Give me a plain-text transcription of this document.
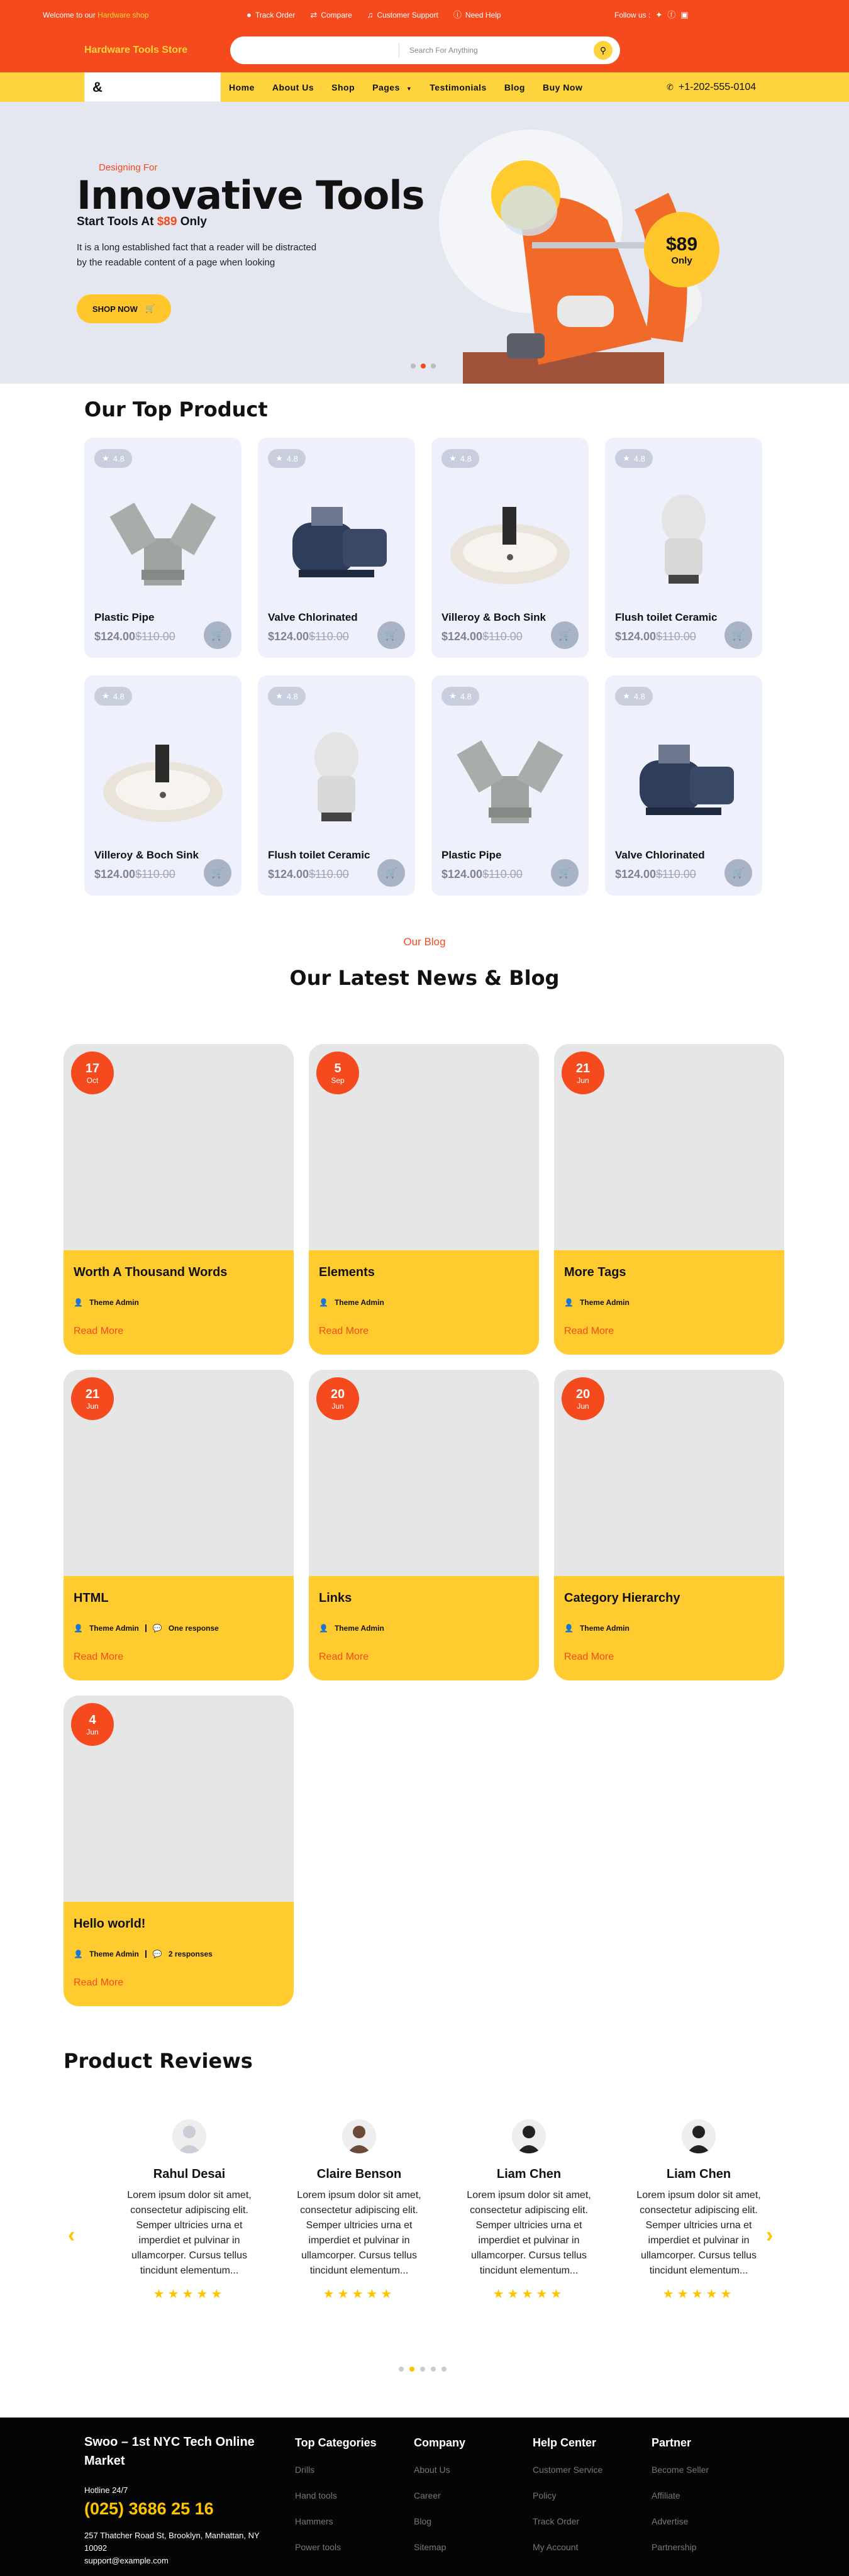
Welcome to our Hardware shop	● Track Order ⇄ Compare ♫ Customer Support ⓘ Need Help	Follow us : ✦ ⓕ ▣
Hardware Tools Store	Search For Anything	⚲
&	Home About Us Shop Pages ▼ Testimonials Blog Buy Now	✆ +1-202-555-0104
Designing For
Innovative Tools
Start Tools At $89 Only

It is a long established fact that a reader will be distracted by the readable content of a page when looking

SHOP NOW 🛒
$89
Only
Our Top Product
★ 4.8
Plastic Pipe
$124.00$110.00	🛒
★ 4.8
Valve Chlorinated
$124.00$110.00	🛒
★ 4.8
Villeroy & Boch Sink
$124.00$110.00	🛒
★ 4.8
Flush toilet Ceramic
$124.00$110.00	🛒
★ 4.8
Villeroy & Boch Sink
$124.00$110.00	🛒
★ 4.8
Flush toilet Ceramic
$124.00$110.00	🛒
★ 4.8
Plastic Pipe
$124.00$110.00	🛒
★ 4.8
Valve Chlorinated
$124.00$110.00	🛒
Our Blog
Our Latest News & Blog
17
Oct
Worth A Thousand Words
👤 Theme Admin
Read More
5
Sep
Elements
👤 Theme Admin
Read More
21
Jun
More Tags
👤 Theme Admin
Read More
21
Jun
HTML
👤 Theme Admin 💬 One response
Read More
20
Jun
Links
👤 Theme Admin
Read More
20
Jun
Category Hierarchy
👤 Theme Admin
Read More
4
Jun
Hello world!
👤 Theme Admin 💬 2 responses
Read More
Product Reviews
‹	›
Rahul Desai
Lorem ipsum dolor sit amet, consectetur adipiscing elit. Semper ultricies urna et imperdiet et pulvinar in ullamcorper. Cursus tellus tincidunt elementum...
★★★★★
Claire Benson
Lorem ipsum dolor sit amet, consectetur adipiscing elit. Semper ultricies urna et imperdiet et pulvinar in ullamcorper. Cursus tellus tincidunt elementum...
★★★★★
Liam Chen
Lorem ipsum dolor sit amet, consectetur adipiscing elit. Semper ultricies urna et imperdiet et pulvinar in ullamcorper. Cursus tellus tincidunt elementum...
★★★★★
Liam Chen
Lorem ipsum dolor sit amet, consectetur adipiscing elit. Semper ultricies urna et imperdiet et pulvinar in ullamcorper. Cursus tellus tincidunt elementum...
★★★★★
Swoo – 1st NYC Tech Online Market
Hotline 24/7
(025) 3686 25 16
257 Thatcher Road St, Brooklyn, Manhattan, NY 10092
support@example.com
Top Categories
Drills
Hand tools
Hammers
Power tools
Company
About Us
Career
Blog
Sitemap
Help Center
Customer Service
Policy
Track Order
My Account
Partner
Become Seller
Affiliate
Advertise
Partnership
